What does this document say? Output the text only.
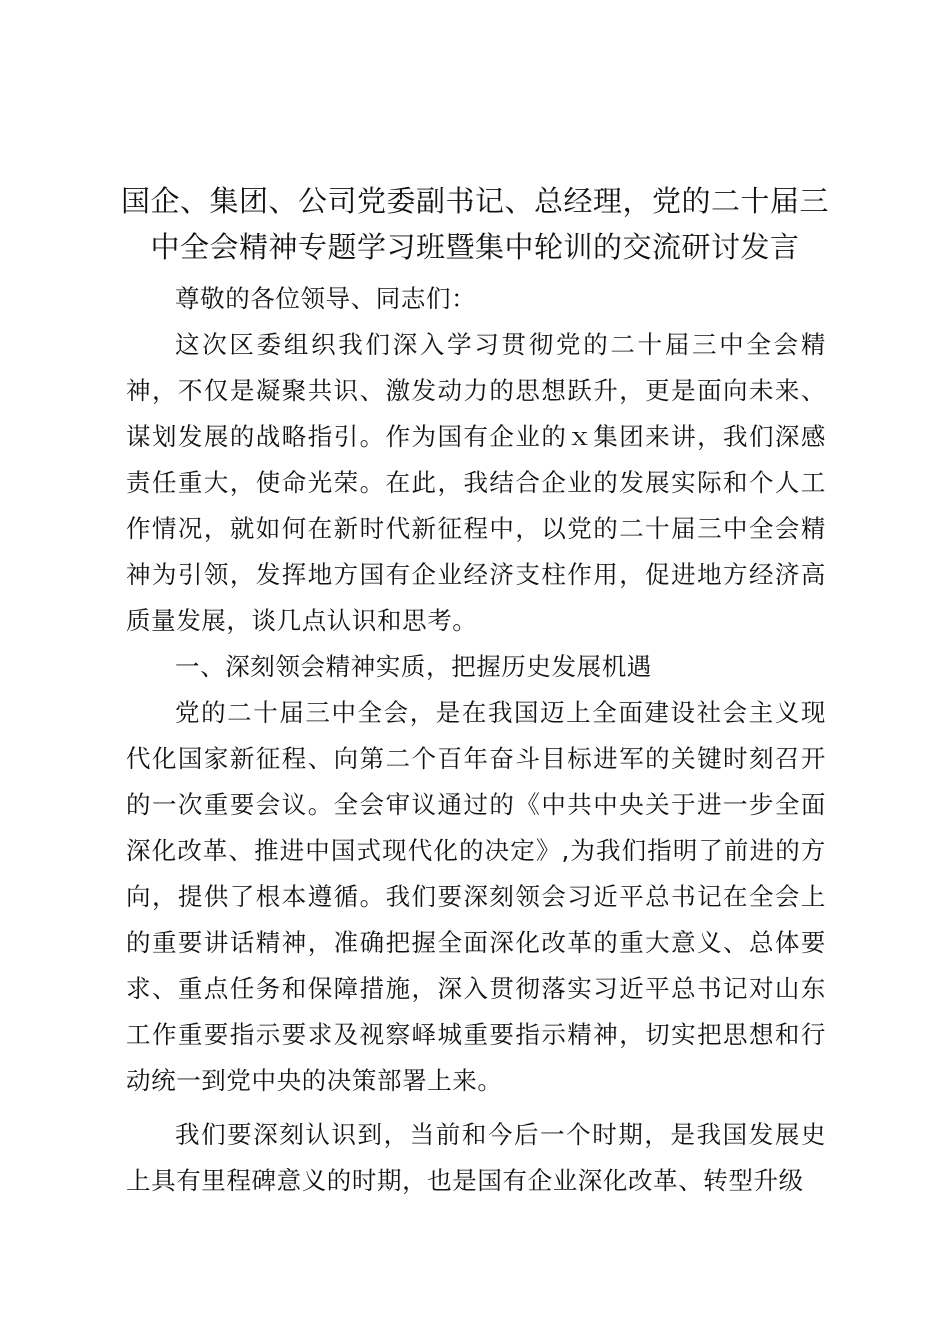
国企、集团、公司党委副书记、总经理，党的二十届三
中全会精神专题学习班暨集中轮训的交流研讨发言

尊敬的各位领导、同志们：

这次区委组织我们深入学习贯彻党的二十届三中全会精神，不仅是凝聚共识、激发动力的思想跃升，更是面向未来、谋划发展的战略指引。作为国有企业的ｘ集团来讲，我们深感责任重大，使命光荣。在此，我结合企业的发展实际和个人工作情况，就如何在新时代新征程中，以党的二十届三中全会精神为引领，发挥地方国有企业经济支柱作用，促进地方经济高质量发展，谈几点认识和思考。

一、深刻领会精神实质，把握历史发展机遇

党的二十届三中全会，是在我国迈上全面建设社会主义现代化国家新征程、向第二个百年奋斗目标进军的关键时刻召开的一次重要会议。全会审议通过的《中共中央关于进一步全面深化改革、推进中国式现代化的决定》,为我们指明了前进的方向，提供了根本遵循。我们要深刻领会习近平总书记在全会上的重要讲话精神，准确把握全面深化改革的重大意义、总体要求、重点任务和保障措施，深入贯彻落实习近平总书记对山东工作重要指示要求及视察峄城重要指示精神，切实把思想和行动统一到党中央的决策部署上来。

我们要深刻认识到，当前和今后一个时期，是我国发展史上具有里程碑意义的时期，也是国有企业深化改革、转型升级
